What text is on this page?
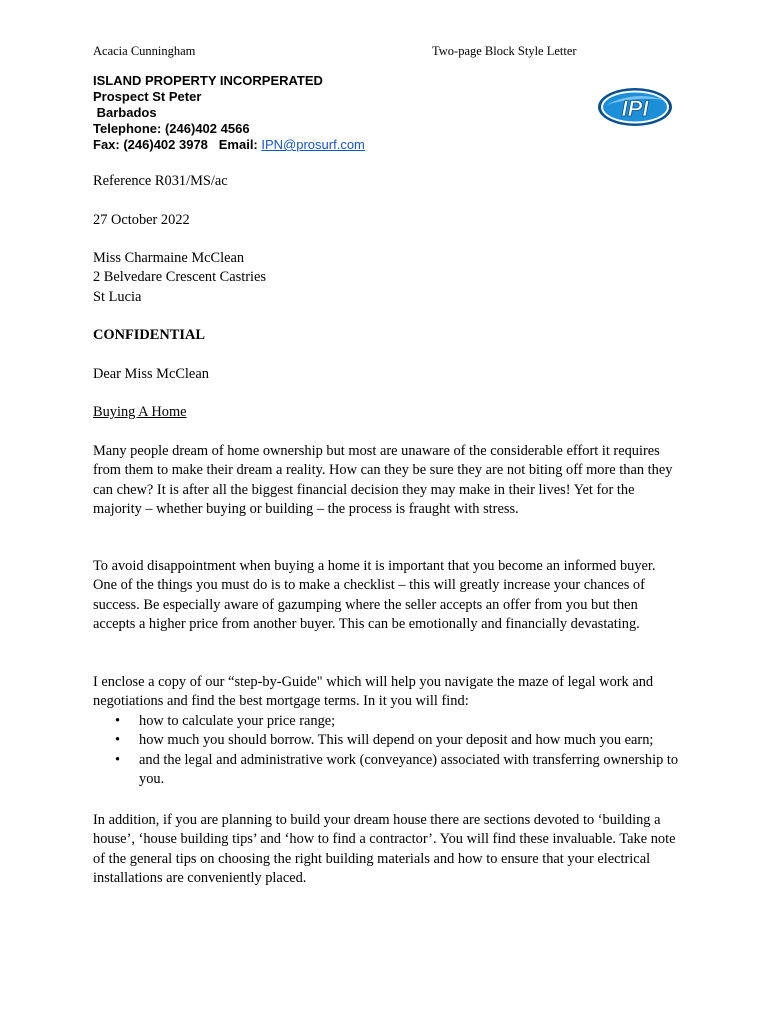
Acacia Cunningham	Two-page Block Style Letter
ISLAND PROPERTY INCORPERATED
Prospect St Peter
Barbados
Telephone: (246)402 4566
Fax: (246)402 3978   Email: IPN@prosurf.com
IPI
Reference R031/MS/ac
27 October 2022
Miss Charmaine McClean
2 Belvedare Crescent Castries
St Lucia
CONFIDENTIAL
Dear Miss McClean
Buying A Home

Many people dream of home ownership but most are unaware of the considerable effort it requires from them to make their dream a reality. How can they be sure they are not biting off more than they can chew? It is after all the biggest financial decision they may make in their lives! Yet for the majority – whether buying or building – the process is fraught with stress.

To avoid disappointment when buying a home it is important that you become an informed buyer. One of the things you must do is to make a checklist – this will greatly increase your chances of success. Be especially aware of gazumping where the seller accepts an offer from you but then accepts a higher price from another buyer. This can be emotionally and financially devastating.

I enclose a copy of our “step-by-Guide" which will help you navigate the maze of legal work and negotiations and find the best mortgage terms. In it you will find:

• how to calculate your price range;
• how much you should borrow. This will depend on your deposit and how much you earn;
• and the legal and administrative work (conveyance) associated with transferring ownership to you.

In addition, if you are planning to build your dream house there are sections devoted to ‘building a house’, ‘house building tips’ and ‘how to find a contractor’. You will find these invaluable. Take note of the general tips on choosing the right building materials and how to ensure that your electrical installations are conveniently placed.
